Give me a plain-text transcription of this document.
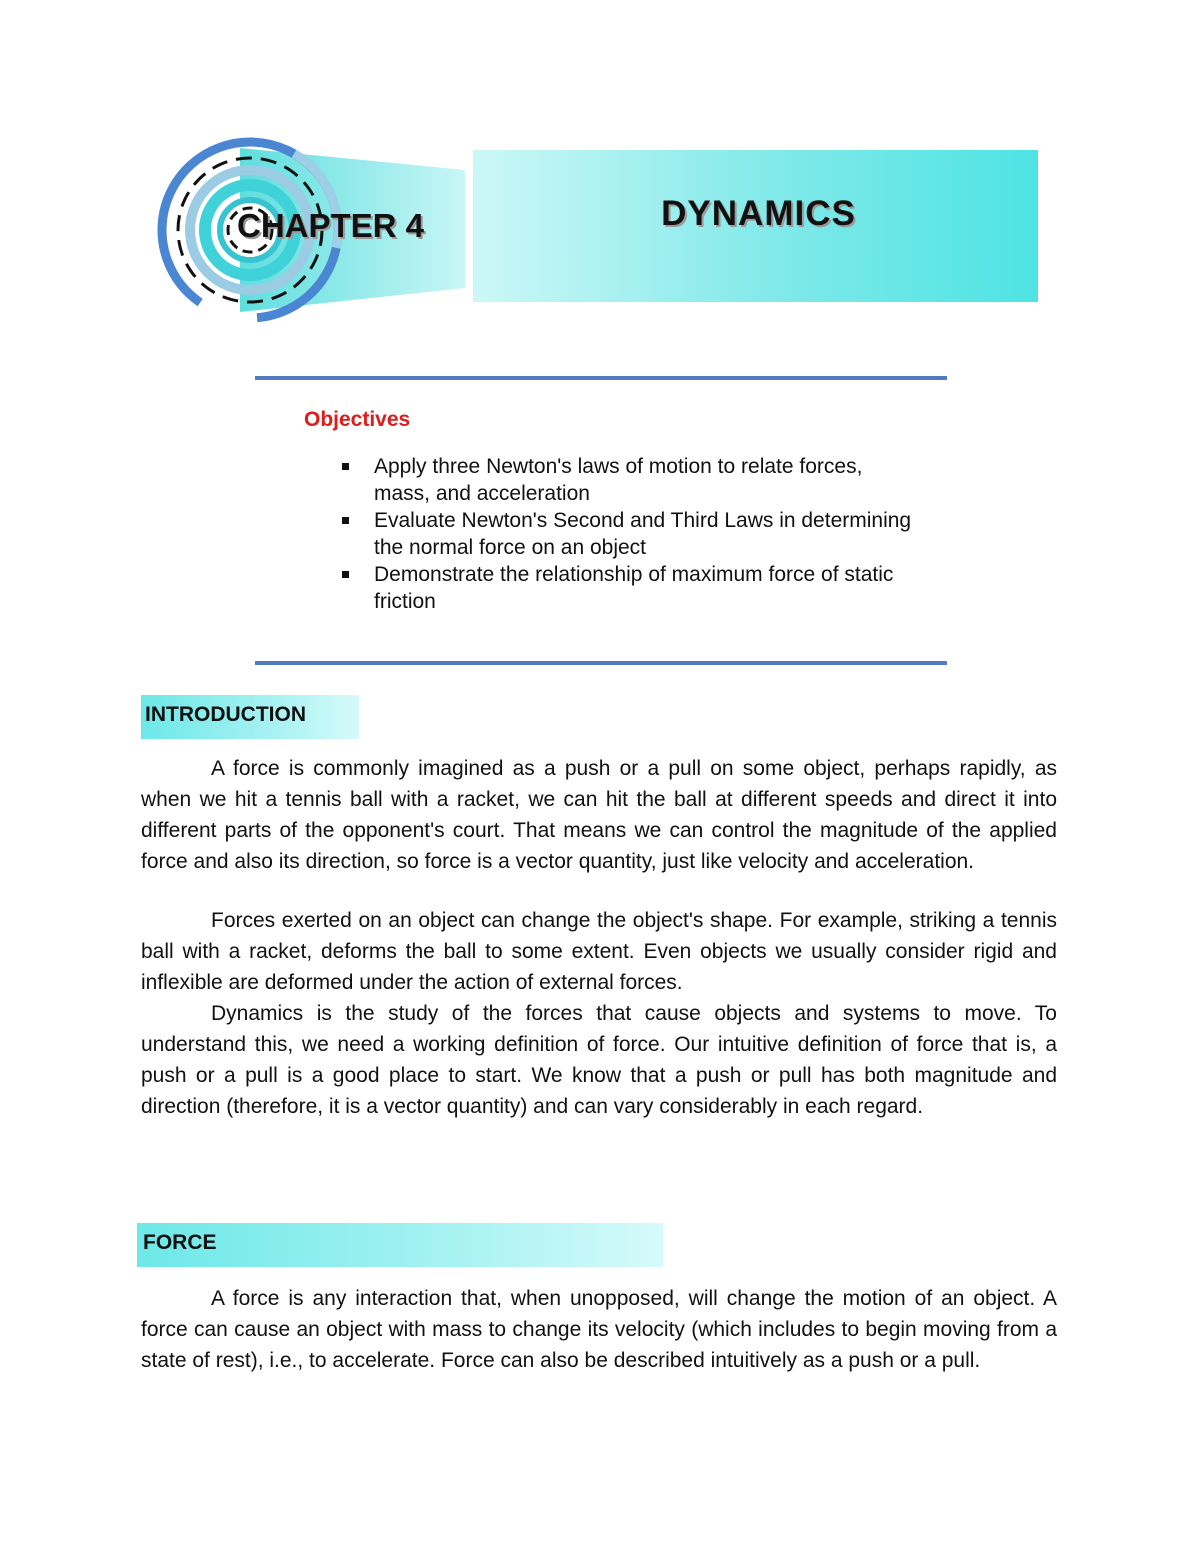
CHAPTER 4	DYNAMICS
Objectives
Apply three Newton's laws of motion to relate forces, mass, and acceleration
Evaluate Newton's Second and Third Laws in determining the normal force on an object
Demonstrate the relationship of maximum force of static friction
INTRODUCTION

A force is commonly imagined as a push or a pull on some object, perhaps rapidly, as when we hit a tennis ball with a racket, we can hit the ball at different speeds and direct it into different parts of the opponent's court. That means we can control the magnitude of the applied force and also its direction, so force is a vector quantity, just like velocity and acceleration.

Forces exerted on an object can change the object's shape. For example, striking a tennis ball with a racket, deforms the ball to some extent. Even objects we usually consider rigid and inflexible are deformed under the action of external forces.

Dynamics is the study of the forces that cause objects and systems to move. To understand this, we need a working definition of force. Our intuitive definition of force that is, a push or a pull is a good place to start. We know that a push or pull has both magnitude and direction (therefore, it is a vector quantity) and can vary considerably in each regard.

FORCE

A force is any interaction that, when unopposed, will change the motion of an object. A force can cause an object with mass to change its velocity (which includes to begin moving from a state of rest), i.e., to accelerate. Force can also be described intuitively as a push or a pull.
